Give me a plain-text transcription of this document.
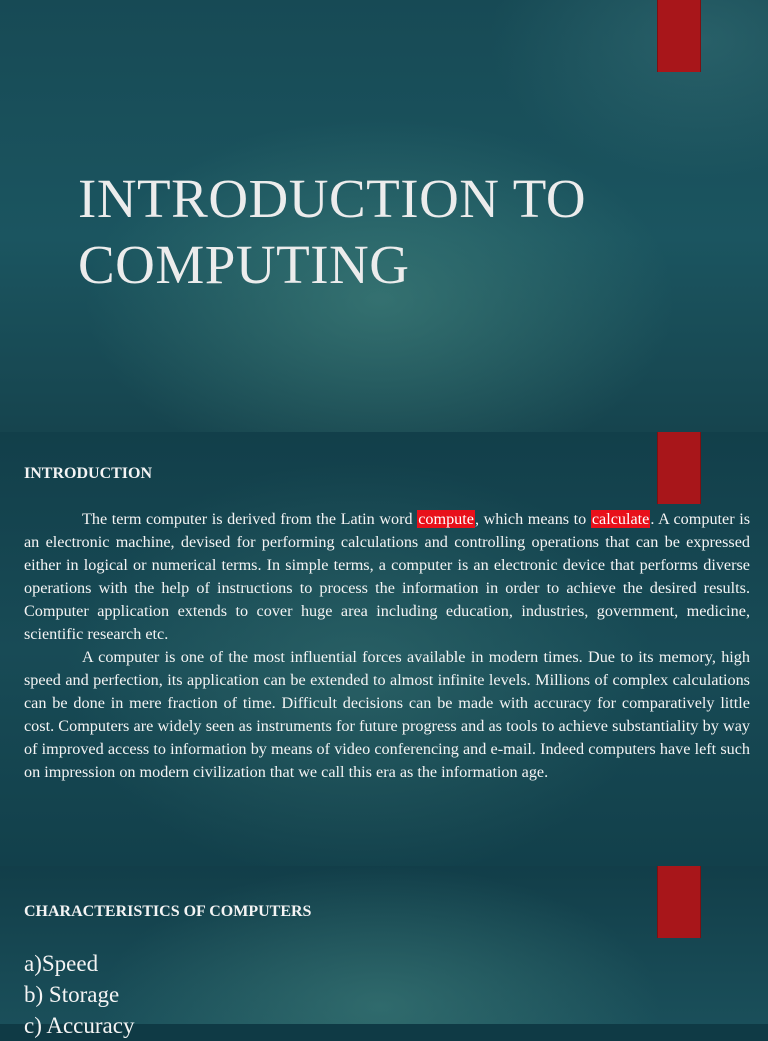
INTRODUCTION TO
COMPUTING
INTRODUCTION

The term computer is derived from the Latin word compute, which means to calculate. A computer is an electronic machine, devised for performing calculations and controlling operations that can be expressed either in logical or numerical terms. In simple terms, a computer is an electronic device that performs diverse operations with the help of instructions to process the information in order to achieve the desired results. Computer application extends to cover huge area including education, industries, government, medicine, scientific research etc.

A computer is one of the most influential forces available in modern times. Due to its memory, high speed and perfection, its application can be extended to almost infinite levels. Millions of complex calculations can be done in mere fraction of time. Difficult decisions can be made with accuracy for comparatively little cost. Computers are widely seen as instruments for future progress and as tools to achieve substantiality by way of improved access to information by means of video conferencing and e-mail. Indeed computers have left such on impression on modern civilization that we call this era as the information age.

CHARACTERISTICS OF COMPUTERS
a)Speed
b) Storage
c) Accuracy
